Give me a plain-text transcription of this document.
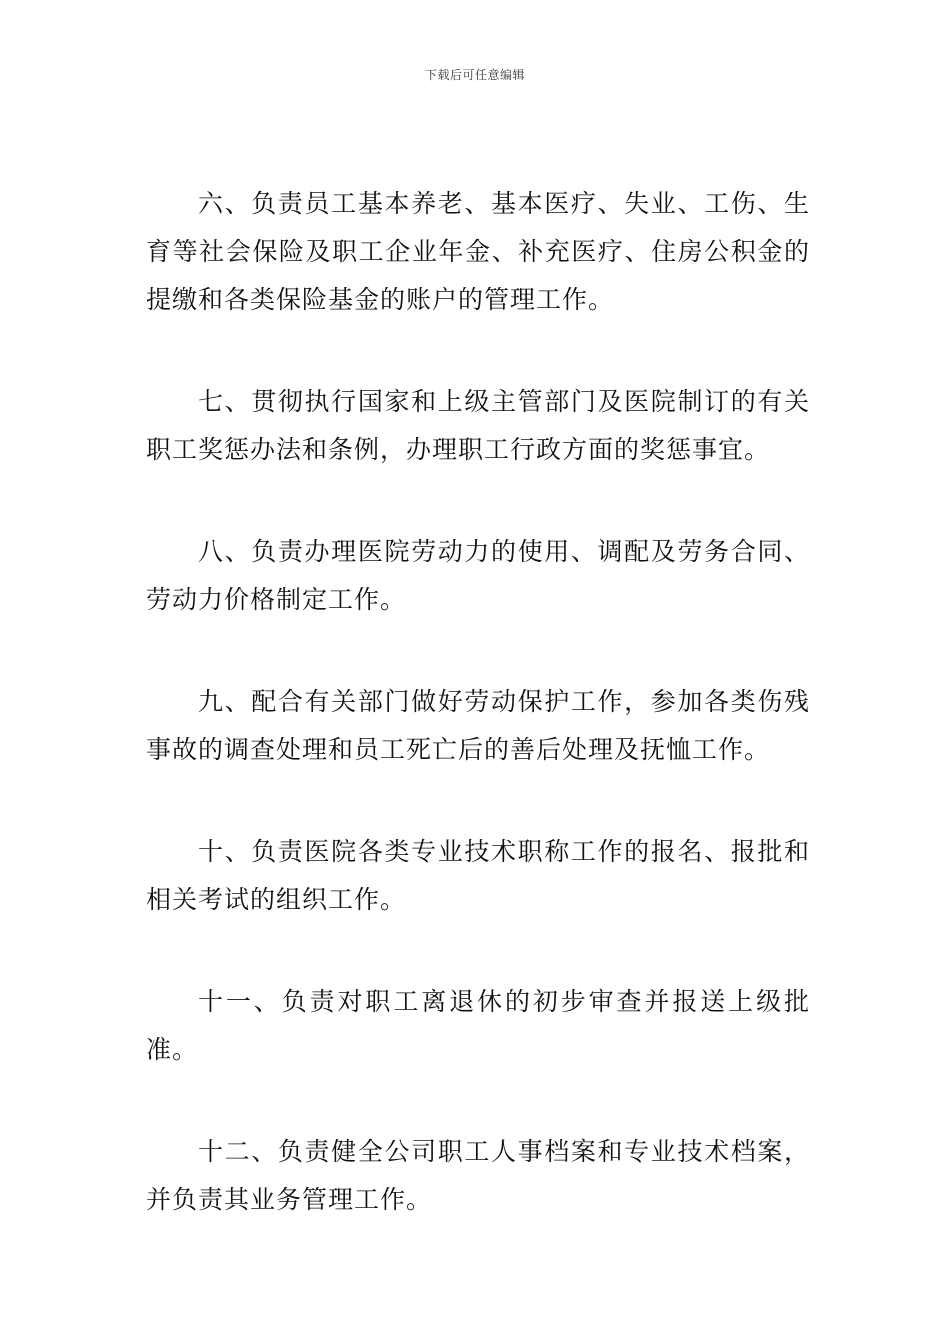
下载后可任意编辑

六、负责员工基本养老、基本医疗、失业、工伤、生育等社会保险及职工企业年金、补充医疗、住房公积金的提缴和各类保险基金的账户的管理工作。

七、贯彻执行国家和上级主管部门及医院制订的有关职工奖惩办法和条例，办理职工行政方面的奖惩事宜。

八、负责办理医院劳动力的使用、调配及劳务合同、劳动力价格制定工作。

九、配合有关部门做好劳动保护工作，参加各类伤残事故的调查处理和员工死亡后的善后处理及抚恤工作。

十、负责医院各类专业技术职称工作的报名、报批和相关考试的组织工作。

十一、负责对职工离退休的初步审查并报送上级批准。

十二、负责健全公司职工人事档案和专业技术档案，并负责其业务管理工作。
